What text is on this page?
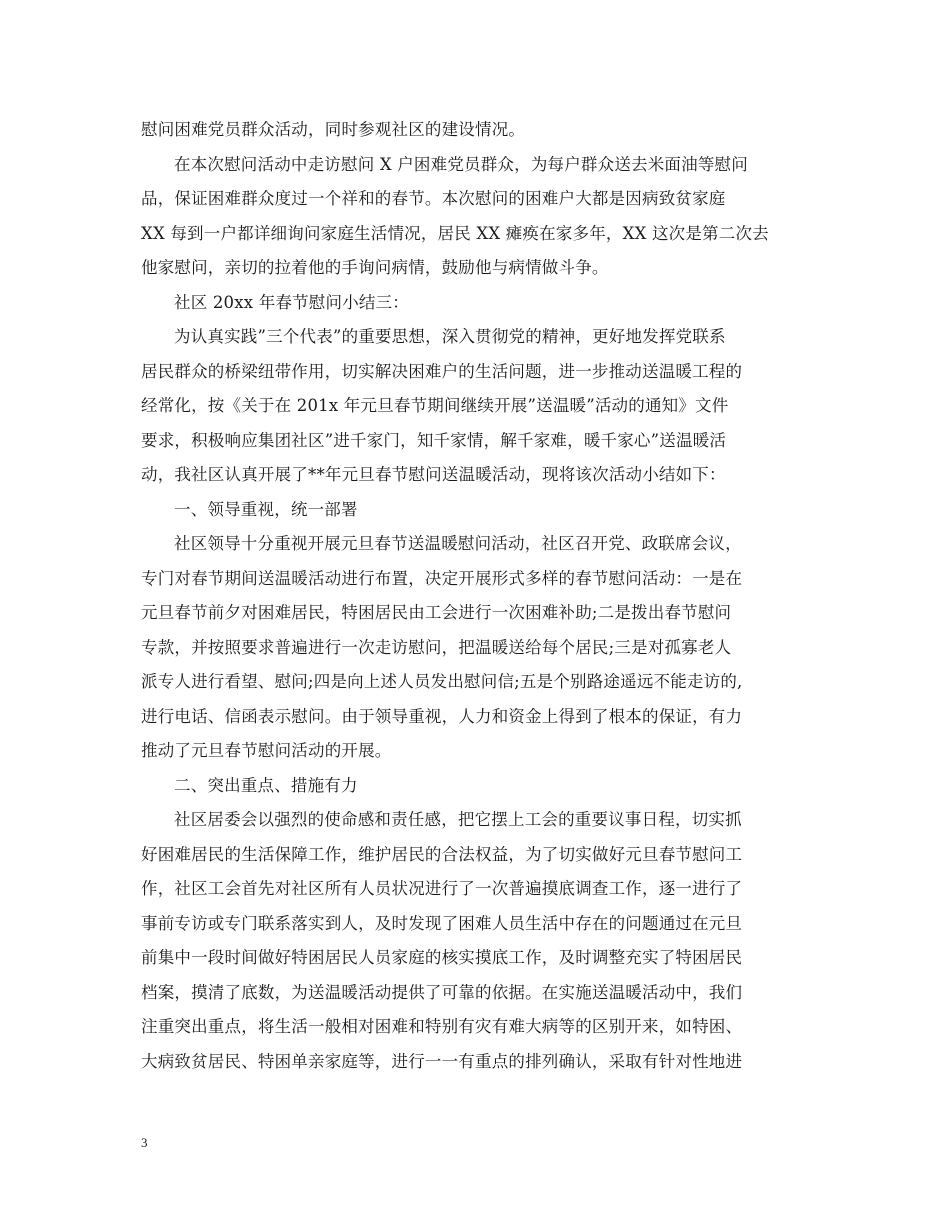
慰问困难党员群众活动，同时参观社区的建设情况。
在本次慰问活动中走访慰问 X 户困难党员群众，为每户群众送去米面油等慰问
品，保证困难群众度过一个祥和的春节。本次慰问的困难户大都是因病致贫家庭
XX 每到一户都详细询问家庭生活情况，居民 XX 瘫痪在家多年，XX 这次是第二次去
他家慰问，亲切的拉着他的手询问病情，鼓励他与病情做斗争。
社区 20xx 年春节慰问小结三：
为认真实践”三个代表”的重要思想，深入贯彻党的精神，更好地发挥党联系
居民群众的桥梁纽带作用，切实解决困难户的生活问题，进一步推动送温暖工程的
经常化，按《关于在 201x 年元旦春节期间继续开展”送温暖”活动的通知》文件
要求，积极响应集团社区”进千家门，知千家情，解千家难，暖千家心”送温暖活
动，我社区认真开展了**年元旦春节慰问送温暖活动，现将该次活动小结如下：
一、领导重视，统一部署
社区领导十分重视开展元旦春节送温暖慰问活动，社区召开党、政联席会议，
专门对春节期间送温暖活动进行布置，决定开展形式多样的春节慰问活动：一是在
元旦春节前夕对困难居民，特困居民由工会进行一次困难补助;二是拨出春节慰问
专款，并按照要求普遍进行一次走访慰问，把温暖送给每个居民;三是对孤寡老人
派专人进行看望、慰问;四是向上述人员发出慰问信;五是个别路途遥远不能走访的,
进行电话、信函表示慰问。由于领导重视，人力和资金上得到了根本的保证，有力
推动了元旦春节慰问活动的开展。
二、突出重点、措施有力
社区居委会以强烈的使命感和责任感，把它摆上工会的重要议事日程，切实抓
好困难居民的生活保障工作，维护居民的合法权益，为了切实做好元旦春节慰问工
作，社区工会首先对社区所有人员状况进行了一次普遍摸底调查工作，逐一进行了
事前专访或专门联系落实到人，及时发现了困难人员生活中存在的问题通过在元旦
前集中一段时间做好特困居民人员家庭的核实摸底工作，及时调整充实了特困居民
档案，摸清了底数，为送温暖活动提供了可靠的依据。在实施送温暖活动中，我们
注重突出重点，将生活一般相对困难和特别有灾有难大病等的区别开来，如特困、
大病致贫居民、特困单亲家庭等，进行一一有重点的排列确认，采取有针对性地进
3
